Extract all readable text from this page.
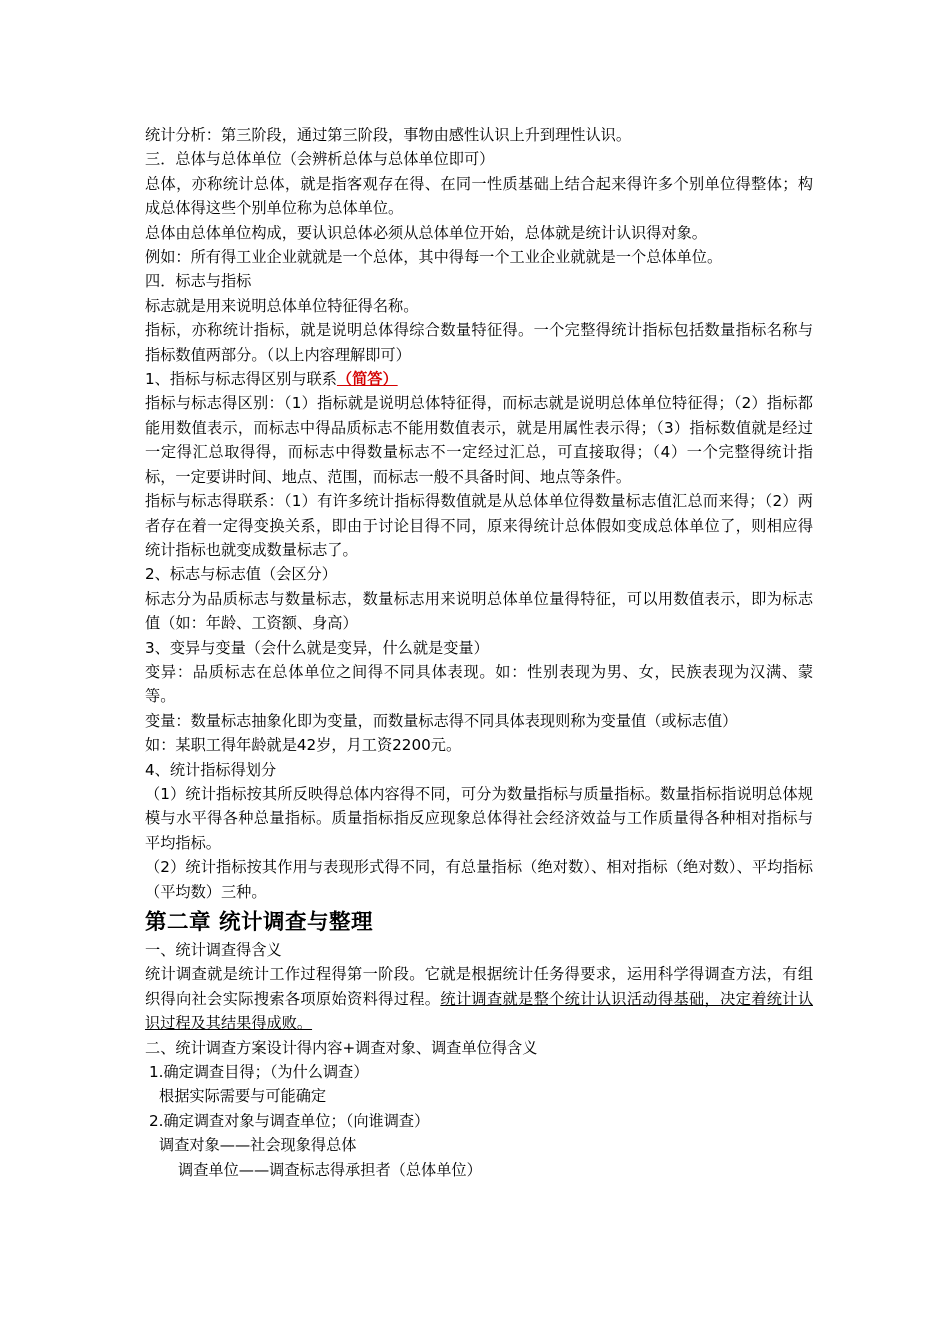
统计分析：第三阶段，通过第三阶段，事物由感性认识上升到理性认识。

三．总体与总体单位（会辨析总体与总体单位即可）

总体，亦称统计总体，就是指客观存在得、在同一性质基础上结合起来得许多个别单位得整体；构成总体得这些个别单位称为总体单位。

总体由总体单位构成，要认识总体必须从总体单位开始，总体就是统计认识得对象。

例如：所有得工业企业就就是一个总体，其中得每一个工业企业就就是一个总体单位。

四．标志与指标

标志就是用来说明总体单位特征得名称。

指标，亦称统计指标，就是说明总体得综合数量特征得。一个完整得统计指标包括数量指标名称与指标数值两部分。（以上内容理解即可）

1、指标与标志得区别与联系（简答）

指标与标志得区别：（1）指标就是说明总体特征得，而标志就是说明总体单位特征得；（2）指标都能用数值表示，而标志中得品质标志不能用数值表示，就是用属性表示得；（3）指标数值就是经过一定得汇总取得得，而标志中得数量标志不一定经过汇总，可直接取得；（4）一个完整得统计指标，一定要讲时间、地点、范围，而标志一般不具备时间、地点等条件。

指标与标志得联系：（1）有许多统计指标得数值就是从总体单位得数量标志值汇总而来得；（2）两者存在着一定得变换关系，即由于讨论目得不同，原来得统计总体假如变成总体单位了，则相应得统计指标也就变成数量标志了。

2、标志与标志值（会区分）

标志分为品质标志与数量标志，数量标志用来说明总体单位量得特征，可以用数值表示，即为标志值（如：年龄、工资额、身高）

3、变异与变量（会什么就是变异，什么就是变量）

变异：品质标志在总体单位之间得不同具体表现。如：性别表现为男、女，民族表现为汉满、蒙等。

变量：数量标志抽象化即为变量，而数量标志得不同具体表现则称为变量值（或标志值）

如：某职工得年龄就是42岁，月工资2200元。

4、统计指标得划分

（1）统计指标按其所反映得总体内容得不同，可分为数量指标与质量指标。数量指标指说明总体规模与水平得各种总量指标。质量指标指反应现象总体得社会经济效益与工作质量得各种相对指标与平均指标。

（2）统计指标按其作用与表现形式得不同，有总量指标（绝对数）、相对指标（绝对数）、平均指标（平均数）三种。

第二章 统计调查与整理

一、统计调查得含义

统计调查就是统计工作过程得第一阶段。它就是根据统计任务得要求，运用科学得调查方法，有组织得向社会实际搜索各项原始资料得过程。统计调查就是整个统计认识活动得基础，决定着统计认识过程及其结果得成败。

二、统计调查方案设计得内容+调查对象、调查单位得含义

1.确定调查目得；（为什么调查）

根据实际需要与可能确定

2.确定调查对象与调查单位；（向谁调查）

调查对象——社会现象得总体

调查单位——调查标志得承担者（总体单位）
